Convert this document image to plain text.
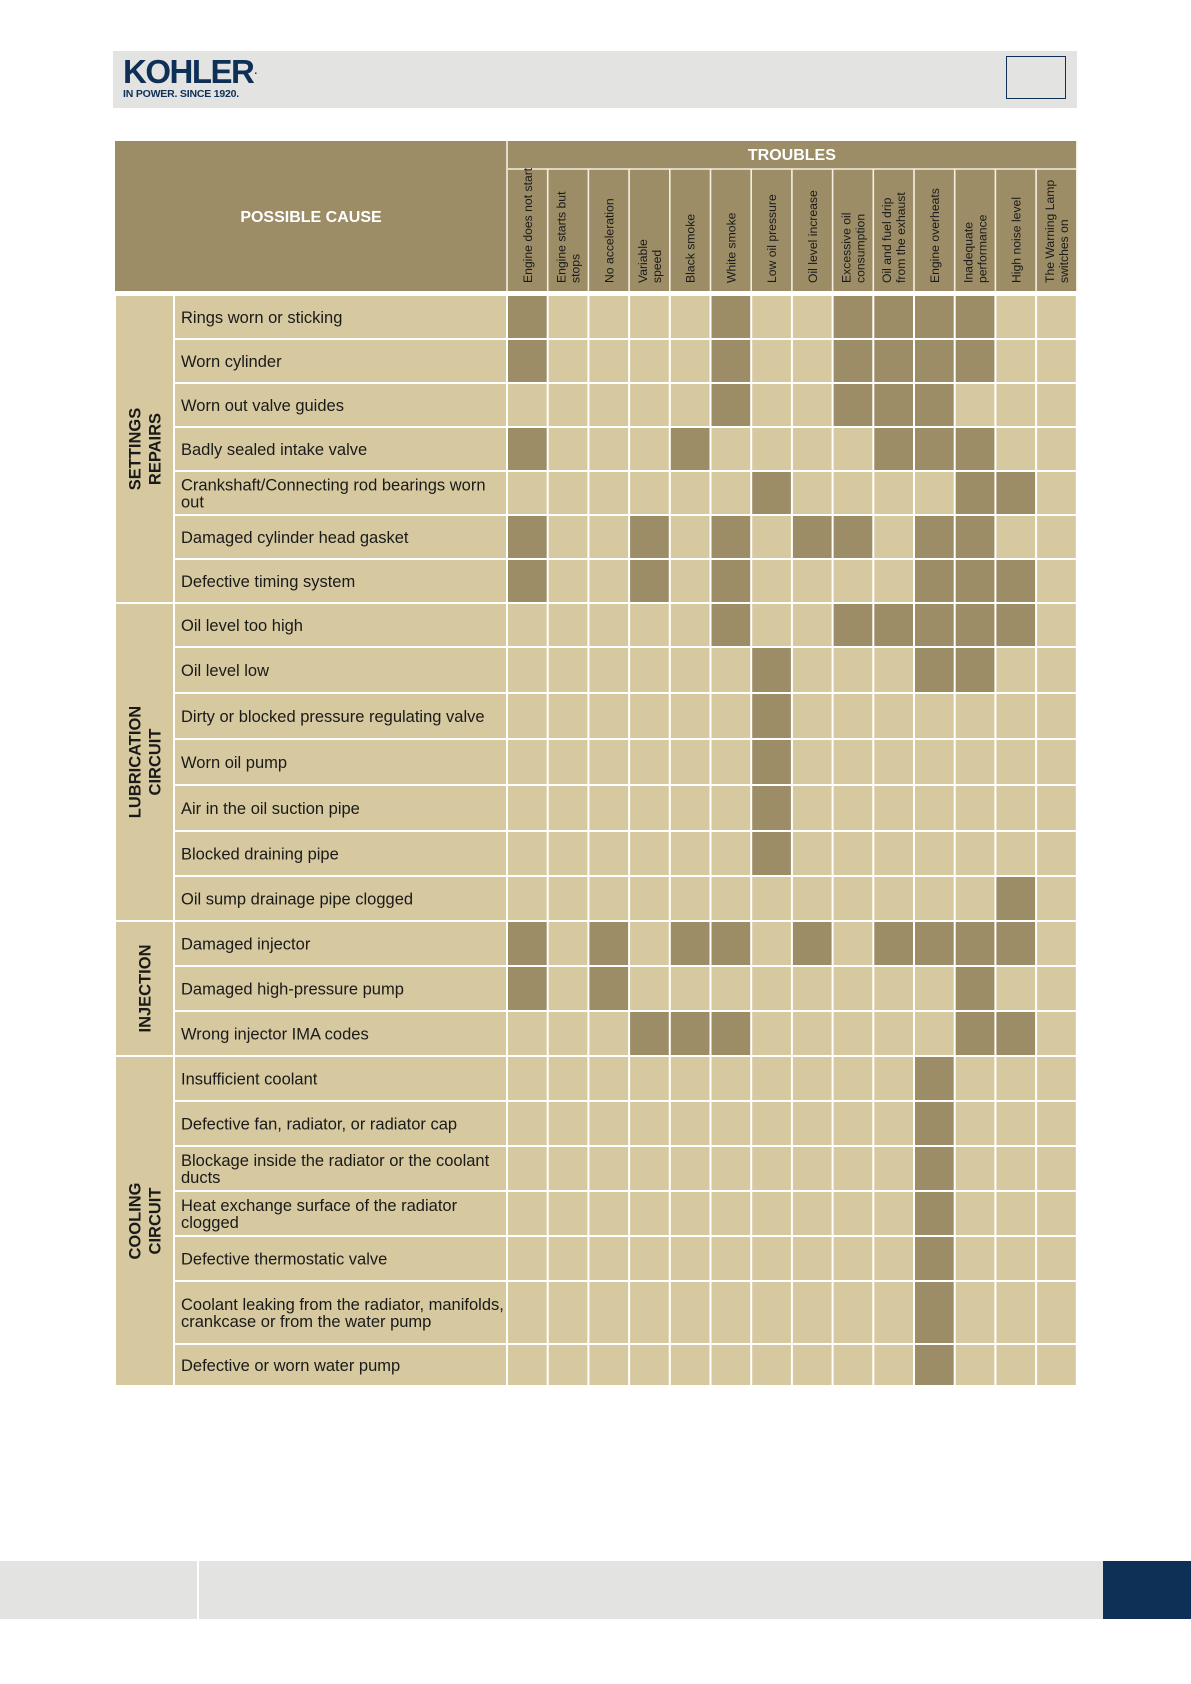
KOHLER.
IN POWER. SINCE 1920.
TROUBLES
POSSIBLE CAUSE	Engine does not start Engine starts but stops No acceleration Variable speed Black smoke White smoke Low oil pressure Oil level increase Excessive oil consumption Oil and fuel drip from the exhaust Engine overheats Inadequate performance High noise level The Warning Lamp switches on
Rings worn or sticking
Worn cylinder
Worn out valve guides
Badly sealed intake valve
Crankshaft/Connecting rod bearings worn
out
Damaged cylinder head gasket
Defective timing system
SETTINGS REPAIRS
Oil level too high
Oil level low
Dirty or blocked pressure regulating valve
Worn oil pump
Air in the oil suction pipe
Blocked draining pipe
Oil sump drainage pipe clogged
LUBRICATION CIRCUIT
Damaged injector
Damaged high-pressure pump
Wrong injector IMA codes
INJECTION
Insufficient coolant
Defective fan, radiator, or radiator cap
Blockage inside the radiator or the coolant
ducts
Heat exchange surface of the radiator
clogged
Defective thermostatic valve
Coolant leaking from the radiator, manifolds,
crankcase or from the water pump
Defective or worn water pump
COOLING CIRCUIT
